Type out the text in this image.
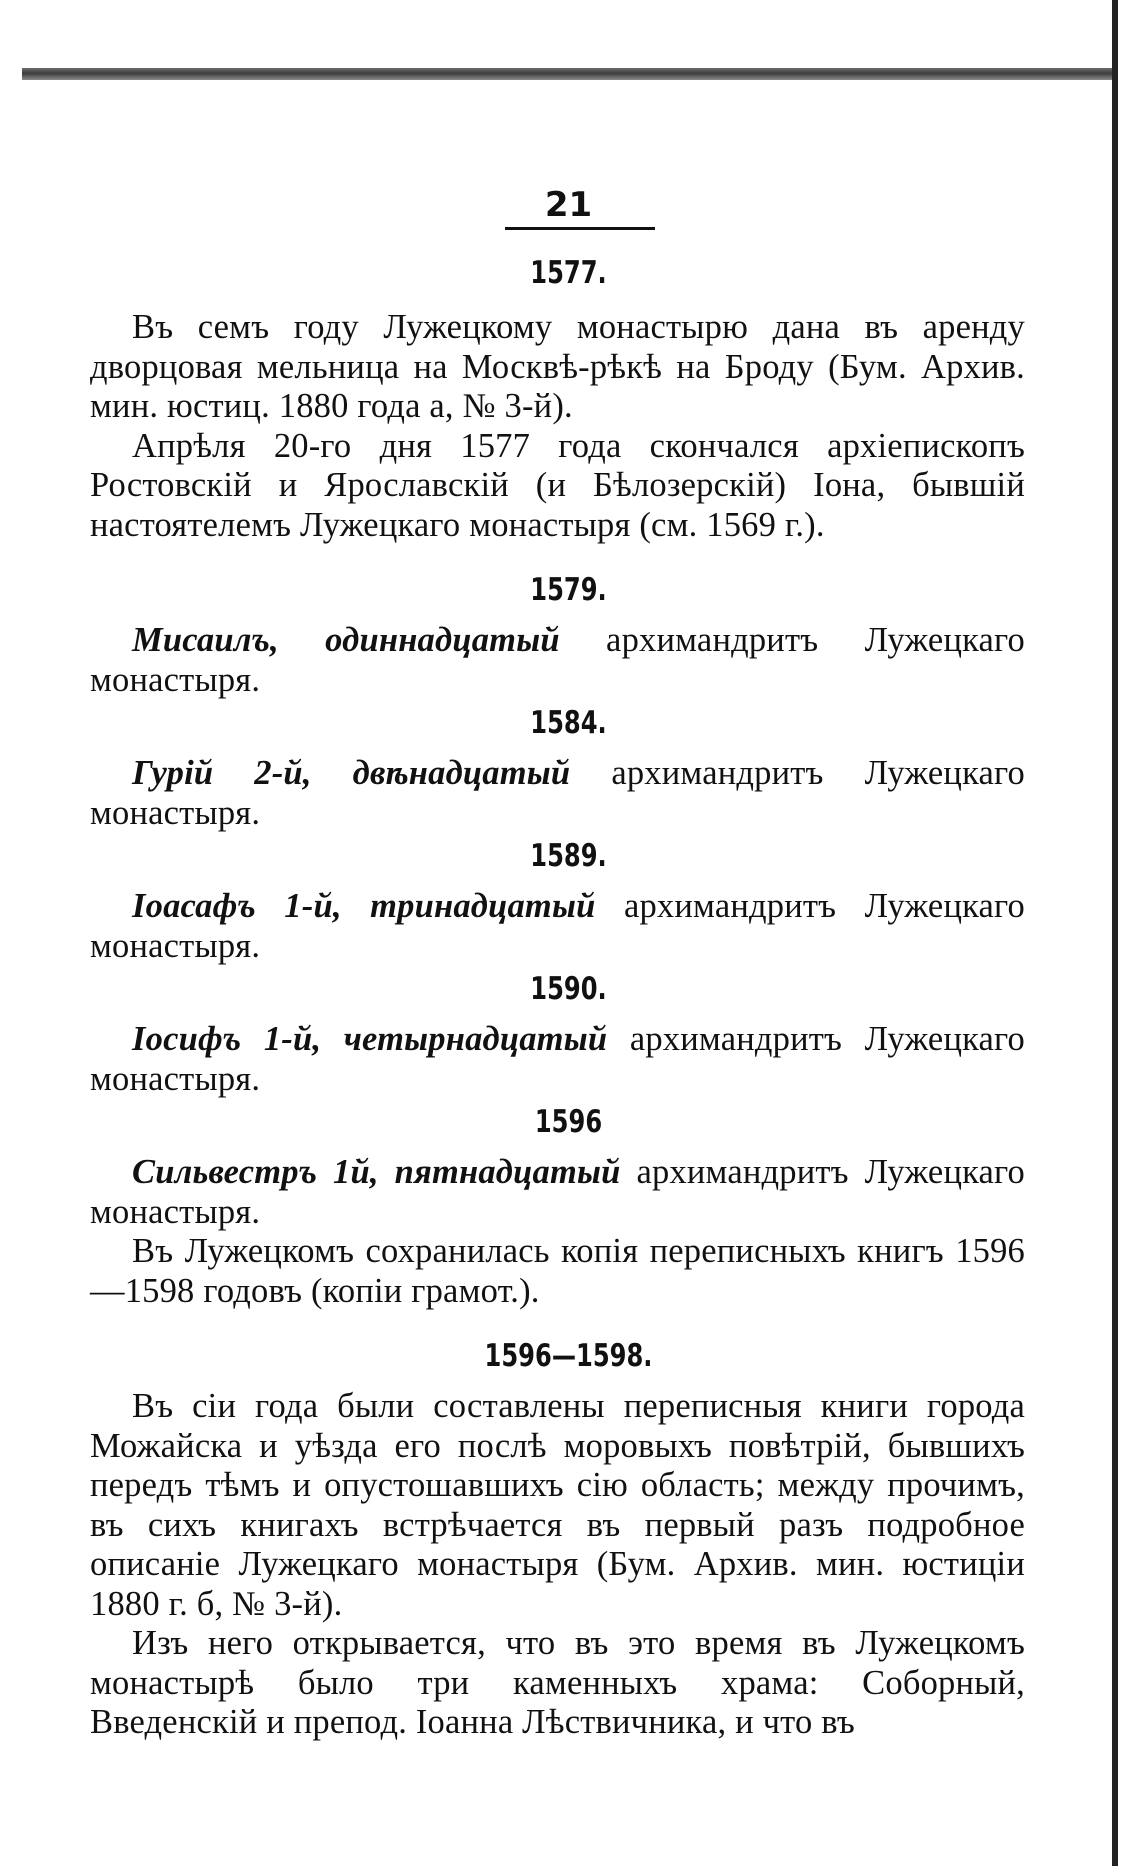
21
1577.

Въ семъ году Лужецкому монастырю дана въ аренду дворцовая мельница на Москвѣ-рѣкѣ на Броду (Бум. Архив. мин. юстиц. 1880 года а, № 3-й).

Апрѣля 20-го дня 1577 года скончался архіепископъ Ростовскій и Ярославскій (и Бѣлозерскій) Іона, бывшій настоятелемъ Лужецкаго монастыря (см. 1569 г.).

1579.

Мисаилъ, одиннадцатый архимандритъ Лужецкаго монастыря.

1584.

Гурій 2-й, двѣнадцатый архимандритъ Лужецкаго монастыря.

1589.

Іоасафъ 1-й, тринадцатый архимандритъ Лужецкаго монастыря.

1590.

Іосифъ 1-й, четырнадцатый архимандритъ Лужецкаго монастыря.

1596

Сильвестръ 1й, пятнадцатый архимандритъ Лужецкаго монастыря.

Въ Лужецкомъ сохранилась копія переписныхъ книгъ 1596—1598 годовъ (копіи грамот.).

1596—1598.

Въ сіи года были составлены переписныя книги города Можайска и уѣзда его послѣ моровыхъ повѣтрій, бывшихъ передъ тѣмъ и опустошавшихъ сію область; между прочимъ, въ сихъ книгахъ встрѣчается въ первый разъ подробное описаніе Лужецкаго монастыря (Бум. Архив. мин. юстиціи 1880 г. б, № 3-й).

Изъ него открывается, что въ это время въ Лужецкомъ монастырѣ было три каменныхъ храма: Соборный, Введенскій и препод. Іоанна Лѣствичника, и что въ
